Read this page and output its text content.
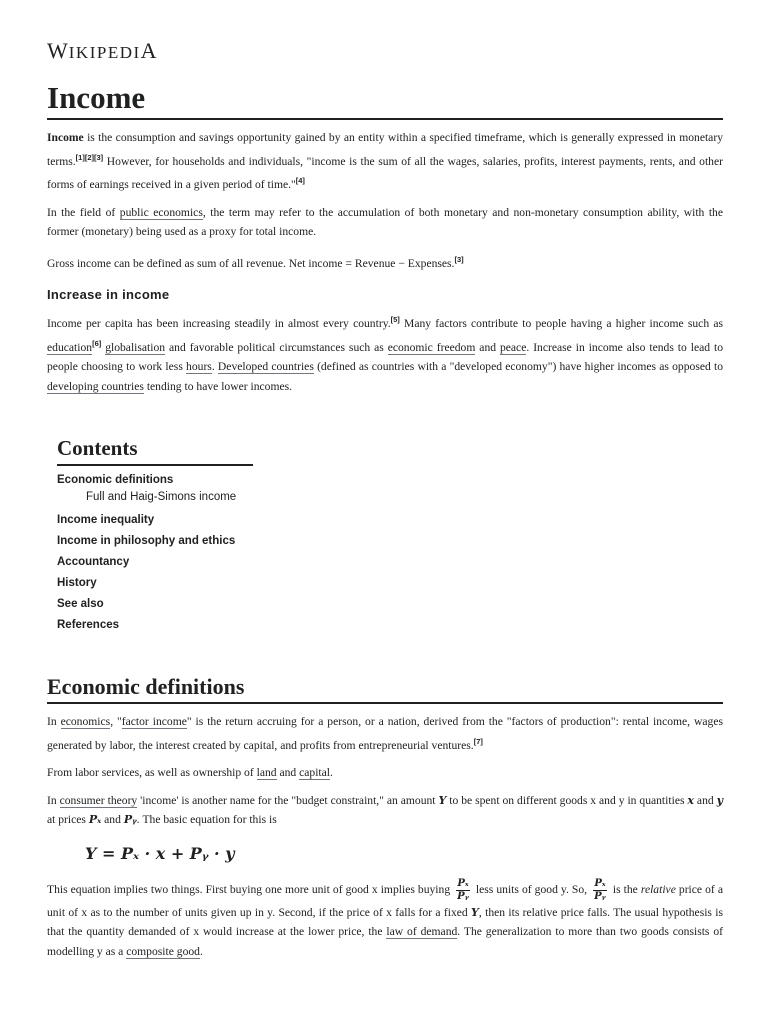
WIKIPEDIA
Income

Income is the consumption and savings opportunity gained by an entity within a specified timeframe, which is generally expressed in monetary terms.[1][2][3] However, for households and individuals, "income is the sum of all the wages, salaries, profits, interest payments, rents, and other forms of earnings received in a given period of time."[4]

In the field of public economics, the term may refer to the accumulation of both monetary and non-monetary consumption ability, with the former (monetary) being used as a proxy for total income.

Gross income can be defined as sum of all revenue. Net income = Revenue − Expenses.[3]

Increase in income

Income per capita has been increasing steadily in almost every country.[5] Many factors contribute to people having a higher income such as education[6] globalisation and favorable political circumstances such as economic freedom and peace. Increase in income also tends to lead to people choosing to work less hours. Developed countries (defined as countries with a "developed economy") have higher incomes as opposed to developing countries tending to have lower incomes.

Contents
Economic definitions
Full and Haig-Simons income
Income inequality
Income in philosophy and ethics
Accountancy
History
See also
References
Economic definitions

In economics, "factor income" is the return accruing for a person, or a nation, derived from the "factors of production": rental income, wages generated by labor, the interest created by capital, and profits from entrepreneurial ventures.[7]

From labor services, as well as ownership of land and capital.

In consumer theory 'income' is another name for the "budget constraint," an amount Y to be spent on different goods x and y in quantities x and y at prices Pₓ and Pᵧ. The basic equation for this is

Y = Pₓ · x + Pᵧ · y

This equation implies two things. First buying one more unit of good x implies buying $\frac{\text{Pₓ}}{\text{Pᵧ}}$ less units of good y. So, $\frac{\text{Pₓ}}{\text{Pᵧ}}$ is the relative price of a unit of x as to the number of units given up in y. Second, if the price of x falls for a fixed Y, then its relative price falls. The usual hypothesis is that the quantity demanded of x would increase at the lower price, the law of demand. The generalization to more than two goods consists of modelling y as a composite good.
